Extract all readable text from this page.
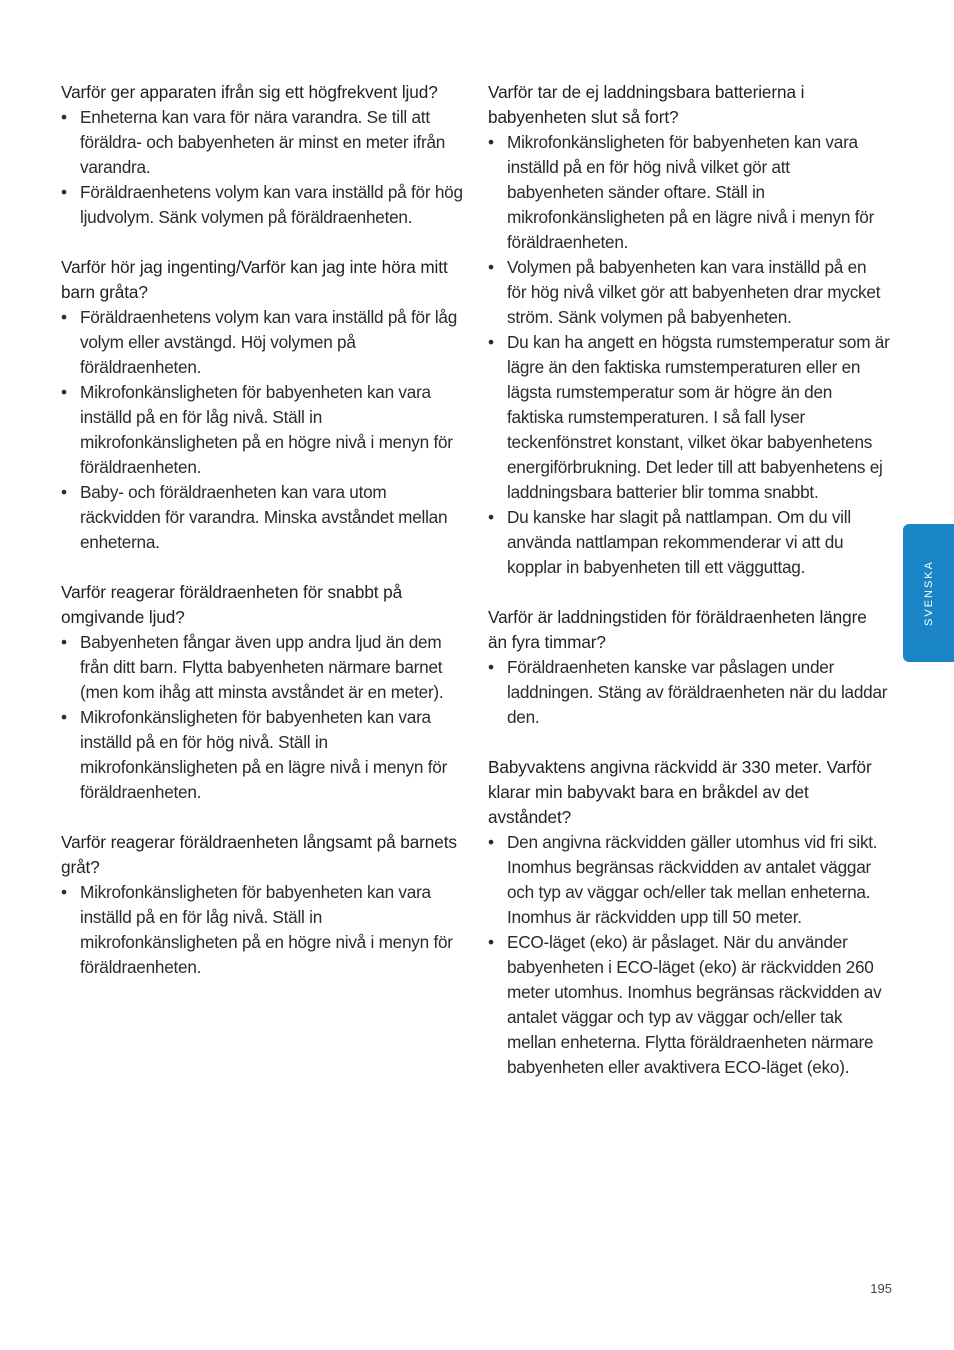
Varför ger apparaten ifrån sig ett högfrekvent ljud?

• Enheterna kan vara för nära varandra. Se till att föräldra- och babyenheten är minst en meter ifrån varandra.
• Föräldraenhetens volym kan vara inställd på för hög ljudvolym. Sänk volymen på föräldraenheten.

Varför hör jag ingenting/Varför kan jag inte höra mitt barn gråta?

• Föräldraenhetens volym kan vara inställd på för låg volym eller avstängd. Höj volymen på föräldraenheten.
• Mikrofonkänsligheten för babyenheten kan vara inställd på en för låg nivå. Ställ in mikrofonkänsligheten på en högre nivå i menyn för föräldraenheten.
• Baby- och föräldraenheten kan vara utom räckvidden för varandra. Minska avståndet mellan enheterna.

Varför reagerar föräldraenheten för snabbt på omgivande ljud?

• Babyenheten fångar även upp andra ljud än dem från ditt barn. Flytta babyenheten närmare barnet (men kom ihåg att minsta avståndet är en meter).
• Mikrofonkänsligheten för babyenheten kan vara inställd på en för hög nivå. Ställ in mikrofonkänsligheten på en lägre nivå i menyn för föräldraenheten.

Varför reagerar föräldraenheten långsamt på barnets gråt?

• Mikrofonkänsligheten för babyenheten kan vara inställd på en för låg nivå. Ställ in mikrofonkänsligheten på en högre nivå i menyn för föräldraenheten.

Varför tar de ej laddningsbara batterierna i babyenheten slut så fort?

• Mikrofonkänsligheten för babyenheten kan vara inställd på en för hög nivå vilket gör att babyenheten sänder oftare. Ställ in mikrofonkänsligheten på en lägre nivå i menyn för föräldraenheten.
• Volymen på babyenheten kan vara inställd på en för hög nivå vilket gör att babyenheten drar mycket ström. Sänk volymen på babyenheten.
• Du kan ha angett en högsta rumstemperatur som är lägre än den faktiska rumstemperaturen eller en lägsta rumstemperatur som är högre än den faktiska rumstemperaturen. I så fall lyser teckenfönstret konstant, vilket ökar babyenhetens energiförbrukning. Det leder till att babyenhetens ej laddningsbara batterier blir tomma snabbt.
• Du kanske har slagit på nattlampan. Om du vill använda nattlampan rekommenderar vi att du kopplar in babyenheten till ett vägguttag.

Varför är laddningstiden för föräldraenheten längre än fyra timmar?

• Föräldraenheten kanske var påslagen under laddningen. Stäng av föräldraenheten när du laddar den.

Babyvaktens angivna räckvidd är 330 meter. Varför klarar min babyvakt bara en bråkdel av det avståndet?

• Den angivna räckvidden gäller utomhus vid fri sikt. Inomhus begränsas räckvidden av antalet väggar och typ av väggar och/eller tak mellan enheterna. Inomhus är räckvidden upp till 50 meter.
• ECO-läget (eko) är påslaget. När du använder babyenheten i ECO-läget (eko) är räckvidden 260 meter utomhus. Inomhus begränsas räckvidden av antalet väggar och typ av väggar och/eller tak mellan enheterna. Flytta föräldraenheten närmare babyenheten eller avaktivera ECO-läget (eko).
SVENSKA
195
